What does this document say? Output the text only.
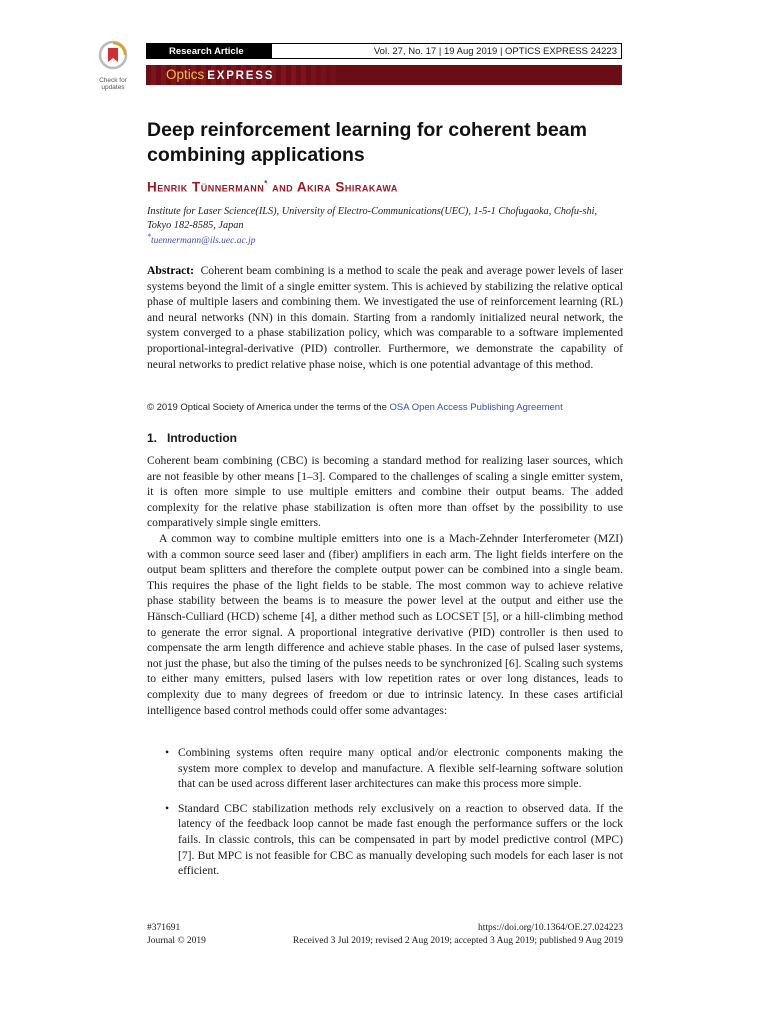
Check for
updates
Research Article	Vol. 27, No. 17 | 19 Aug 2019 | OPTICS EXPRESS 24223
Optics EXPRESS
Deep reinforcement learning for coherent beam
combining applications
Henrik Tünnermann* and Akira Shirakawa
Institute for Laser Science(ILS), University of Electro-Communications(UEC), 1-5-1 Chofugaoka, Chofu-shi, Tokyo 182-8585, Japan
*tuennermann@ils.uec.ac.jp
Abstract: Coherent beam combining is a method to scale the peak and average power levels of laser systems beyond the limit of a single emitter system. This is achieved by stabilizing the relative optical phase of multiple lasers and combining them. We investigated the use of reinforcement learning (RL) and neural networks (NN) in this domain. Starting from a randomly initialized neural network, the system converged to a phase stabilization policy, which was comparable to a software implemented proportional-integral-derivative (PID) controller. Furthermore, we demonstrate the capability of neural networks to predict relative phase noise, which is one potential advantage of this method.
© 2019 Optical Society of America under the terms of the OSA Open Access Publishing Agreement
1. Introduction

Coherent beam combining (CBC) is becoming a standard method for realizing laser sources, which are not feasible by other means [1–3]. Compared to the challenges of scaling a single emitter system, it is often more simple to use multiple emitters and combine their output beams. The added complexity for the relative phase stabilization is often more than offset by the possibility to use comparatively simple single emitters.

A common way to combine multiple emitters into one is a Mach-Zehnder Interferometer (MZI) with a common source seed laser and (fiber) amplifiers in each arm. The light fields interfere on the output beam splitters and therefore the complete output power can be combined into a single beam. This requires the phase of the light fields to be stable. The most common way to achieve relative phase stability between the beams is to measure the power level at the output and either use the Hänsch-Culliard (HCD) scheme [4], a dither method such as LOCSET [5], or a hill-climbing method to generate the error signal. A proportional integrative derivative (PID) controller is then used to compensate the arm length difference and achieve stable phases. In the case of pulsed laser systems, not just the phase, but also the timing of the pulses needs to be synchronized [6]. Scaling such systems to either many emitters, pulsed lasers with low repetition rates or over long distances, leads to complexity due to many degrees of freedom or due to intrinsic latency. In these cases artificial intelligence based control methods could offer some advantages:

• Combining systems often require many optical and/or electronic components making the system more complex to develop and manufacture. A flexible self-learning software solution that can be used across different laser architectures can make this process more simple.
• Standard CBC stabilization methods rely exclusively on a reaction to observed data. If the latency of the feedback loop cannot be made fast enough the performance suffers or the lock fails. In classic controls, this can be compensated in part by model predictive control (MPC) [7]. But MPC is not feasible for CBC as manually developing such models for each laser is not efficient.
#371691
Journal © 2019
https://doi.org/10.1364/OE.27.024223
Received 3 Jul 2019; revised 2 Aug 2019; accepted 3 Aug 2019; published 9 Aug 2019
